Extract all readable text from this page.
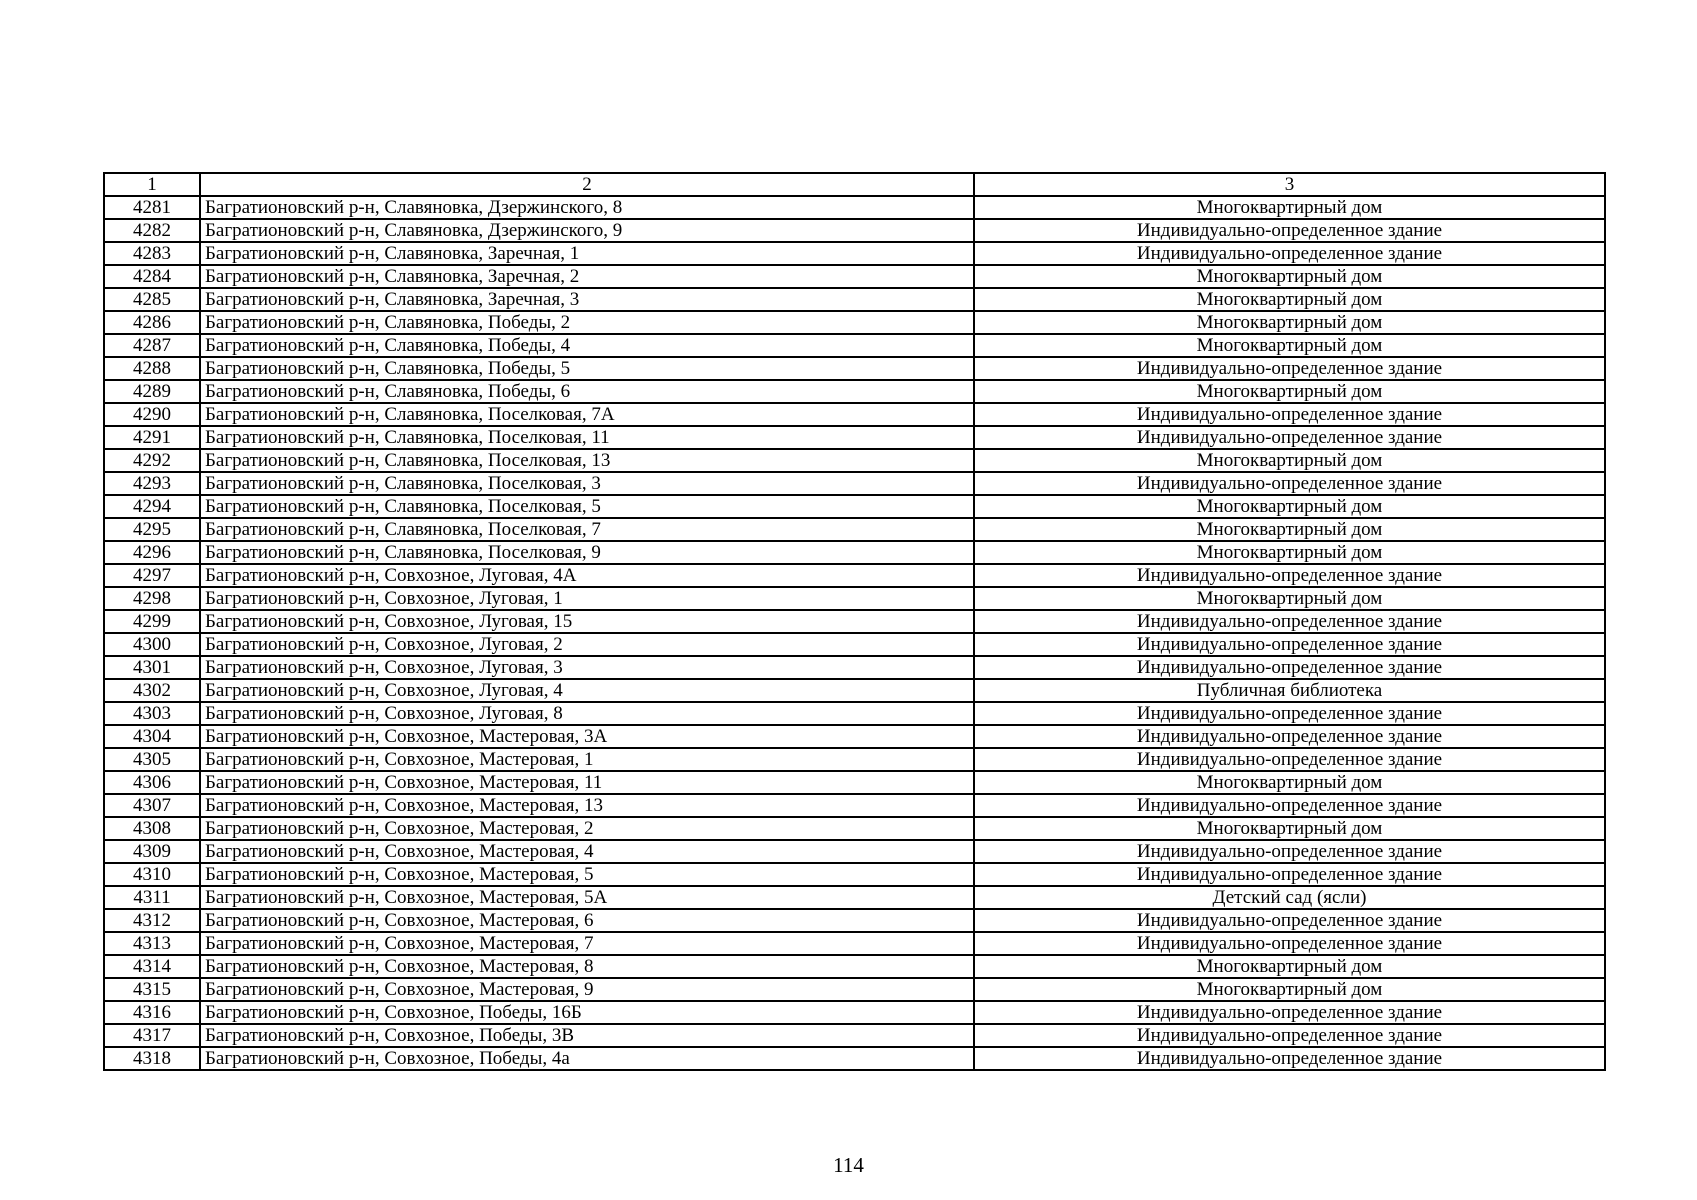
1	2	3
4281	Багратионовский р-н, Славяновка, Дзержинского, 8	Многоквартирный дом
4282	Багратионовский р-н, Славяновка, Дзержинского, 9	Индивидуально-определенное здание
4283	Багратионовский р-н, Славяновка, Заречная, 1	Индивидуально-определенное здание
4284	Багратионовский р-н, Славяновка, Заречная, 2	Многоквартирный дом
4285	Багратионовский р-н, Славяновка, Заречная, 3	Многоквартирный дом
4286	Багратионовский р-н, Славяновка, Победы, 2	Многоквартирный дом
4287	Багратионовский р-н, Славяновка, Победы, 4	Многоквартирный дом
4288	Багратионовский р-н, Славяновка, Победы, 5	Индивидуально-определенное здание
4289	Багратионовский р-н, Славяновка, Победы, 6	Многоквартирный дом
4290	Багратионовский р-н, Славяновка, Поселковая, 7А	Индивидуально-определенное здание
4291	Багратионовский р-н, Славяновка, Поселковая, 11	Индивидуально-определенное здание
4292	Багратионовский р-н, Славяновка, Поселковая, 13	Многоквартирный дом
4293	Багратионовский р-н, Славяновка, Поселковая, 3	Индивидуально-определенное здание
4294	Багратионовский р-н, Славяновка, Поселковая, 5	Многоквартирный дом
4295	Багратионовский р-н, Славяновка, Поселковая, 7	Многоквартирный дом
4296	Багратионовский р-н, Славяновка, Поселковая, 9	Многоквартирный дом
4297	Багратионовский р-н, Совхозное, Луговая, 4А	Индивидуально-определенное здание
4298	Багратионовский р-н, Совхозное, Луговая, 1	Многоквартирный дом
4299	Багратионовский р-н, Совхозное, Луговая, 15	Индивидуально-определенное здание
4300	Багратионовский р-н, Совхозное, Луговая, 2	Индивидуально-определенное здание
4301	Багратионовский р-н, Совхозное, Луговая, 3	Индивидуально-определенное здание
4302	Багратионовский р-н, Совхозное, Луговая, 4	Публичная библиотека
4303	Багратионовский р-н, Совхозное, Луговая, 8	Индивидуально-определенное здание
4304	Багратионовский р-н, Совхозное, Мастеровая, 3А	Индивидуально-определенное здание
4305	Багратионовский р-н, Совхозное, Мастеровая, 1	Индивидуально-определенное здание
4306	Багратионовский р-н, Совхозное, Мастеровая, 11	Многоквартирный дом
4307	Багратионовский р-н, Совхозное, Мастеровая, 13	Индивидуально-определенное здание
4308	Багратионовский р-н, Совхозное, Мастеровая, 2	Многоквартирный дом
4309	Багратионовский р-н, Совхозное, Мастеровая, 4	Индивидуально-определенное здание
4310	Багратионовский р-н, Совхозное, Мастеровая, 5	Индивидуально-определенное здание
4311	Багратионовский р-н, Совхозное, Мастеровая, 5А	Детский сад (ясли)
4312	Багратионовский р-н, Совхозное, Мастеровая, 6	Индивидуально-определенное здание
4313	Багратионовский р-н, Совхозное, Мастеровая, 7	Индивидуально-определенное здание
4314	Багратионовский р-н, Совхозное, Мастеровая, 8	Многоквартирный дом
4315	Багратионовский р-н, Совхозное, Мастеровая, 9	Многоквартирный дом
4316	Багратионовский р-н, Совхозное, Победы, 16Б	Индивидуально-определенное здание
4317	Багратионовский р-н, Совхозное, Победы, 3В	Индивидуально-определенное здание
4318	Багратионовский р-н, Совхозное, Победы, 4а	Индивидуально-определенное здание
114
